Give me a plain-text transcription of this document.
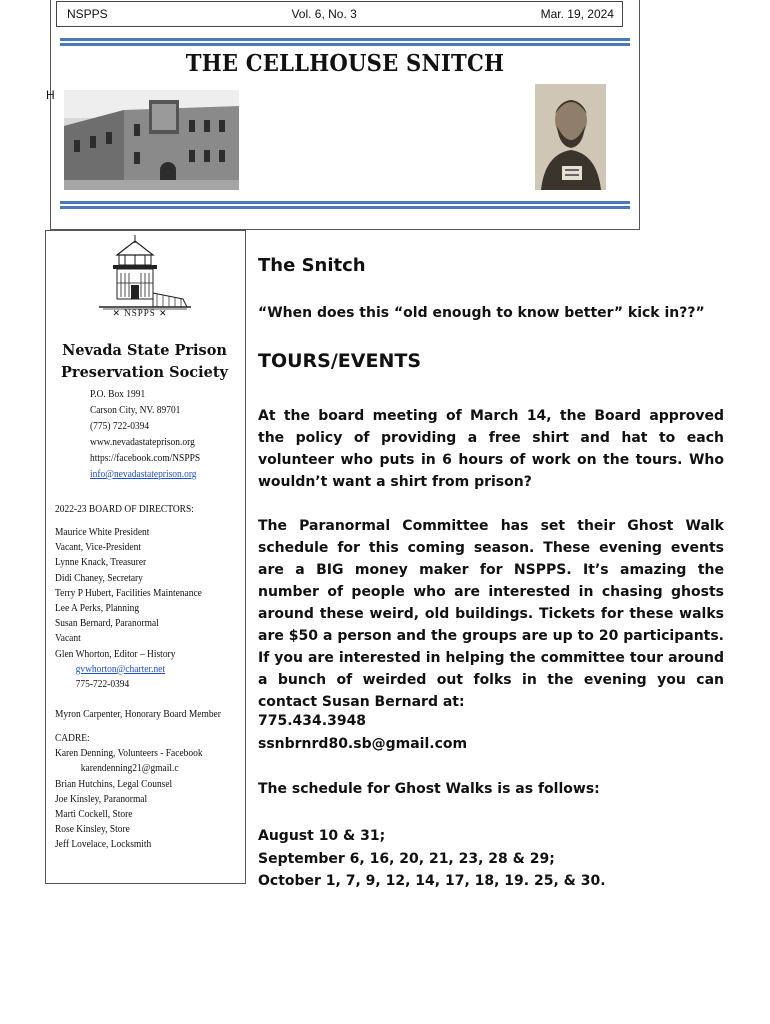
NSPPS	Vol. 6, No. 3	Mar. 19, 2024
THE CELLHOUSE SNITCH
H
✕ NSPPS ✕
Nevada State Prison
Preservation Society
P.O. Box 1991
Carson City, NV. 89701
(775) 722-0394
www.nevadastateprison.org
https://facebook.com/NSPPS
info@nevadastateprison.org
2022-23 BOARD OF DIRECTORS:
Maurice White President
Vacant, Vice-President
Lynne Knack, Treasurer
Didi Chaney, Secretary
Terry P Hubert, Facilities Maintenance
Lee A Perks, Planning
Susan Bernard, Paranormal
Vacant
Glen Whorton, Editor – History
gvwhorton@charter.net
775-722-0394
Myron Carpenter, Honorary Board Member
CADRE:
Karen Denning, Volunteers - Facebook
karendenning21@gmail.c
Brian Hutchins, Legal Counsel
Joe Kinsley, Paranormal
Marti Cockell, Store
Rose Kinsley, Store
Jeff Lovelace, Locksmith
The Snitch
“When does this “old enough to know better” kick in??”
TOURS/EVENTS
At the board meeting of March 14, the Board approved the policy of providing a free shirt and hat to each volunteer who puts in 6 hours of work on the tours. Who wouldn’t want a shirt from prison?
The Paranormal Committee has set their Ghost Walk schedule for this coming season. These evening events are a BIG money maker for NSPPS. It’s amazing the number of people who are interested in chasing ghosts around these weird, old buildings. Tickets for these walks are $50 a person and the groups are up to 20 participants. If you are interested in helping the committee tour around a bunch of weirded out folks in the evening you can contact Susan Bernard at:
775.434.3948
ssnbrnrd80.sb@gmail.com
The schedule for Ghost Walks is as follows:
August 10 & 31;
September 6, 16, 20, 21, 23, 28 & 29;
October 1, 7, 9, 12, 14, 17, 18, 19. 25, & 30.
